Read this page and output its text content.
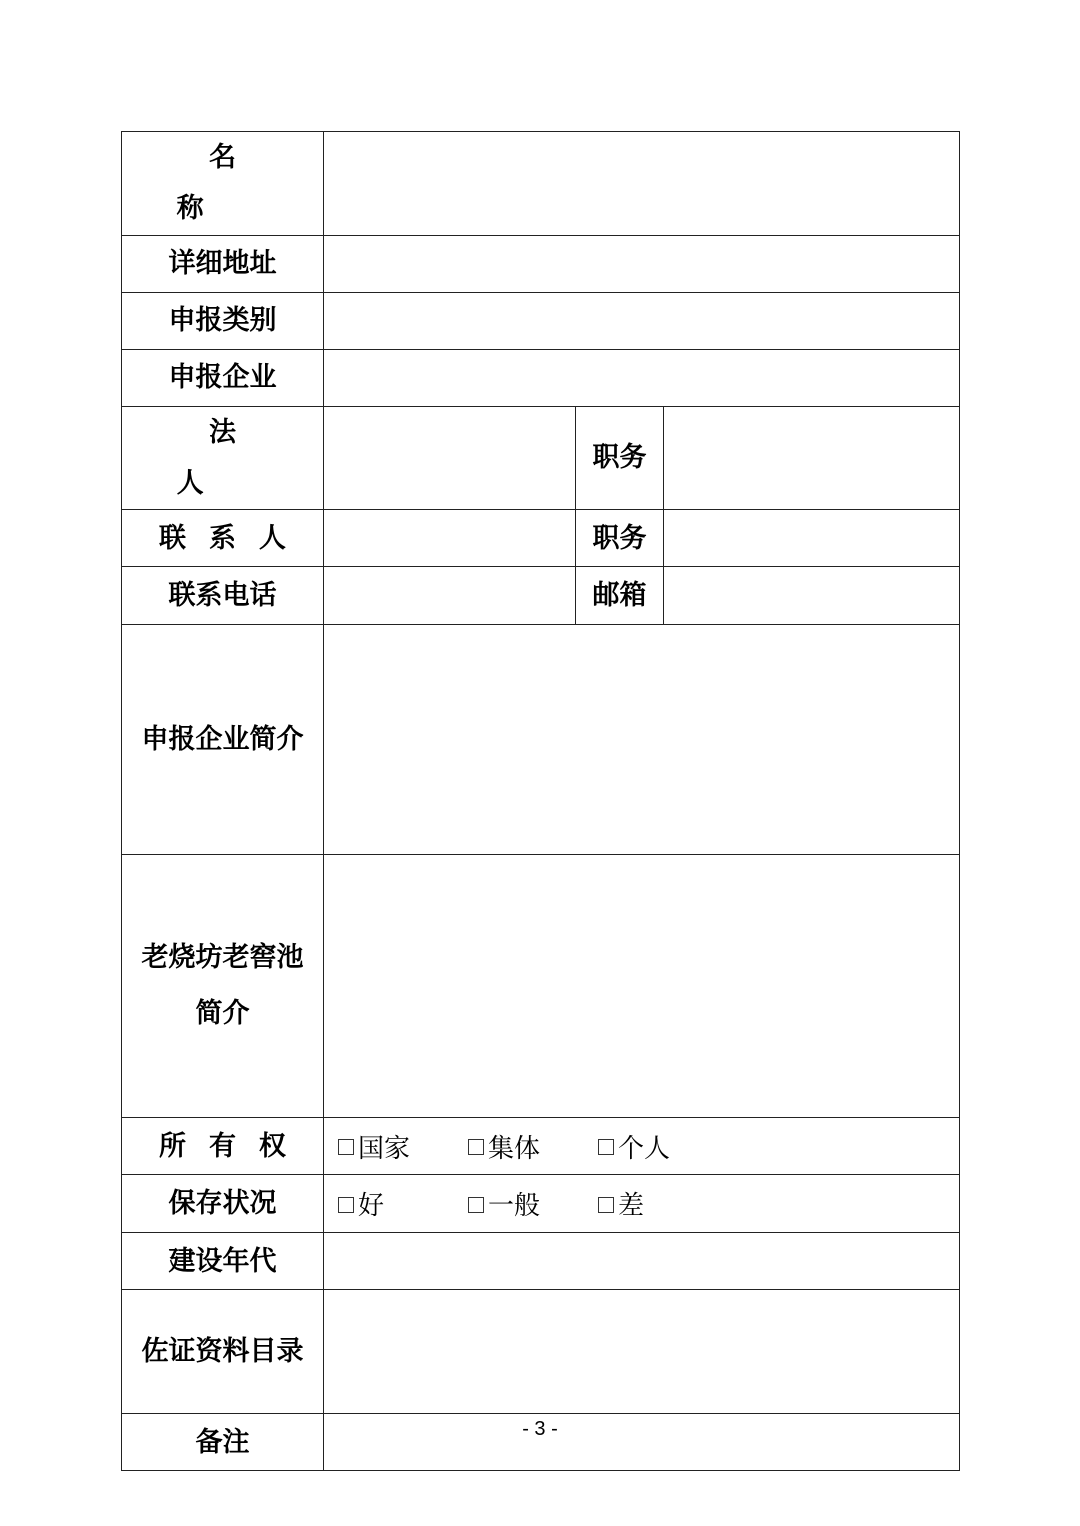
名　称			
详细地址			
申报类别			
申报企业			
法　人		职务	
联系人		职务	
联系电话		邮箱	
申报企业简介			

老烧坊老窖池简介			

所有权	国家 集体 个人		
保存状况	好 一般 差		
建设年代			
佐证资料目录			
备注				- 3 -
